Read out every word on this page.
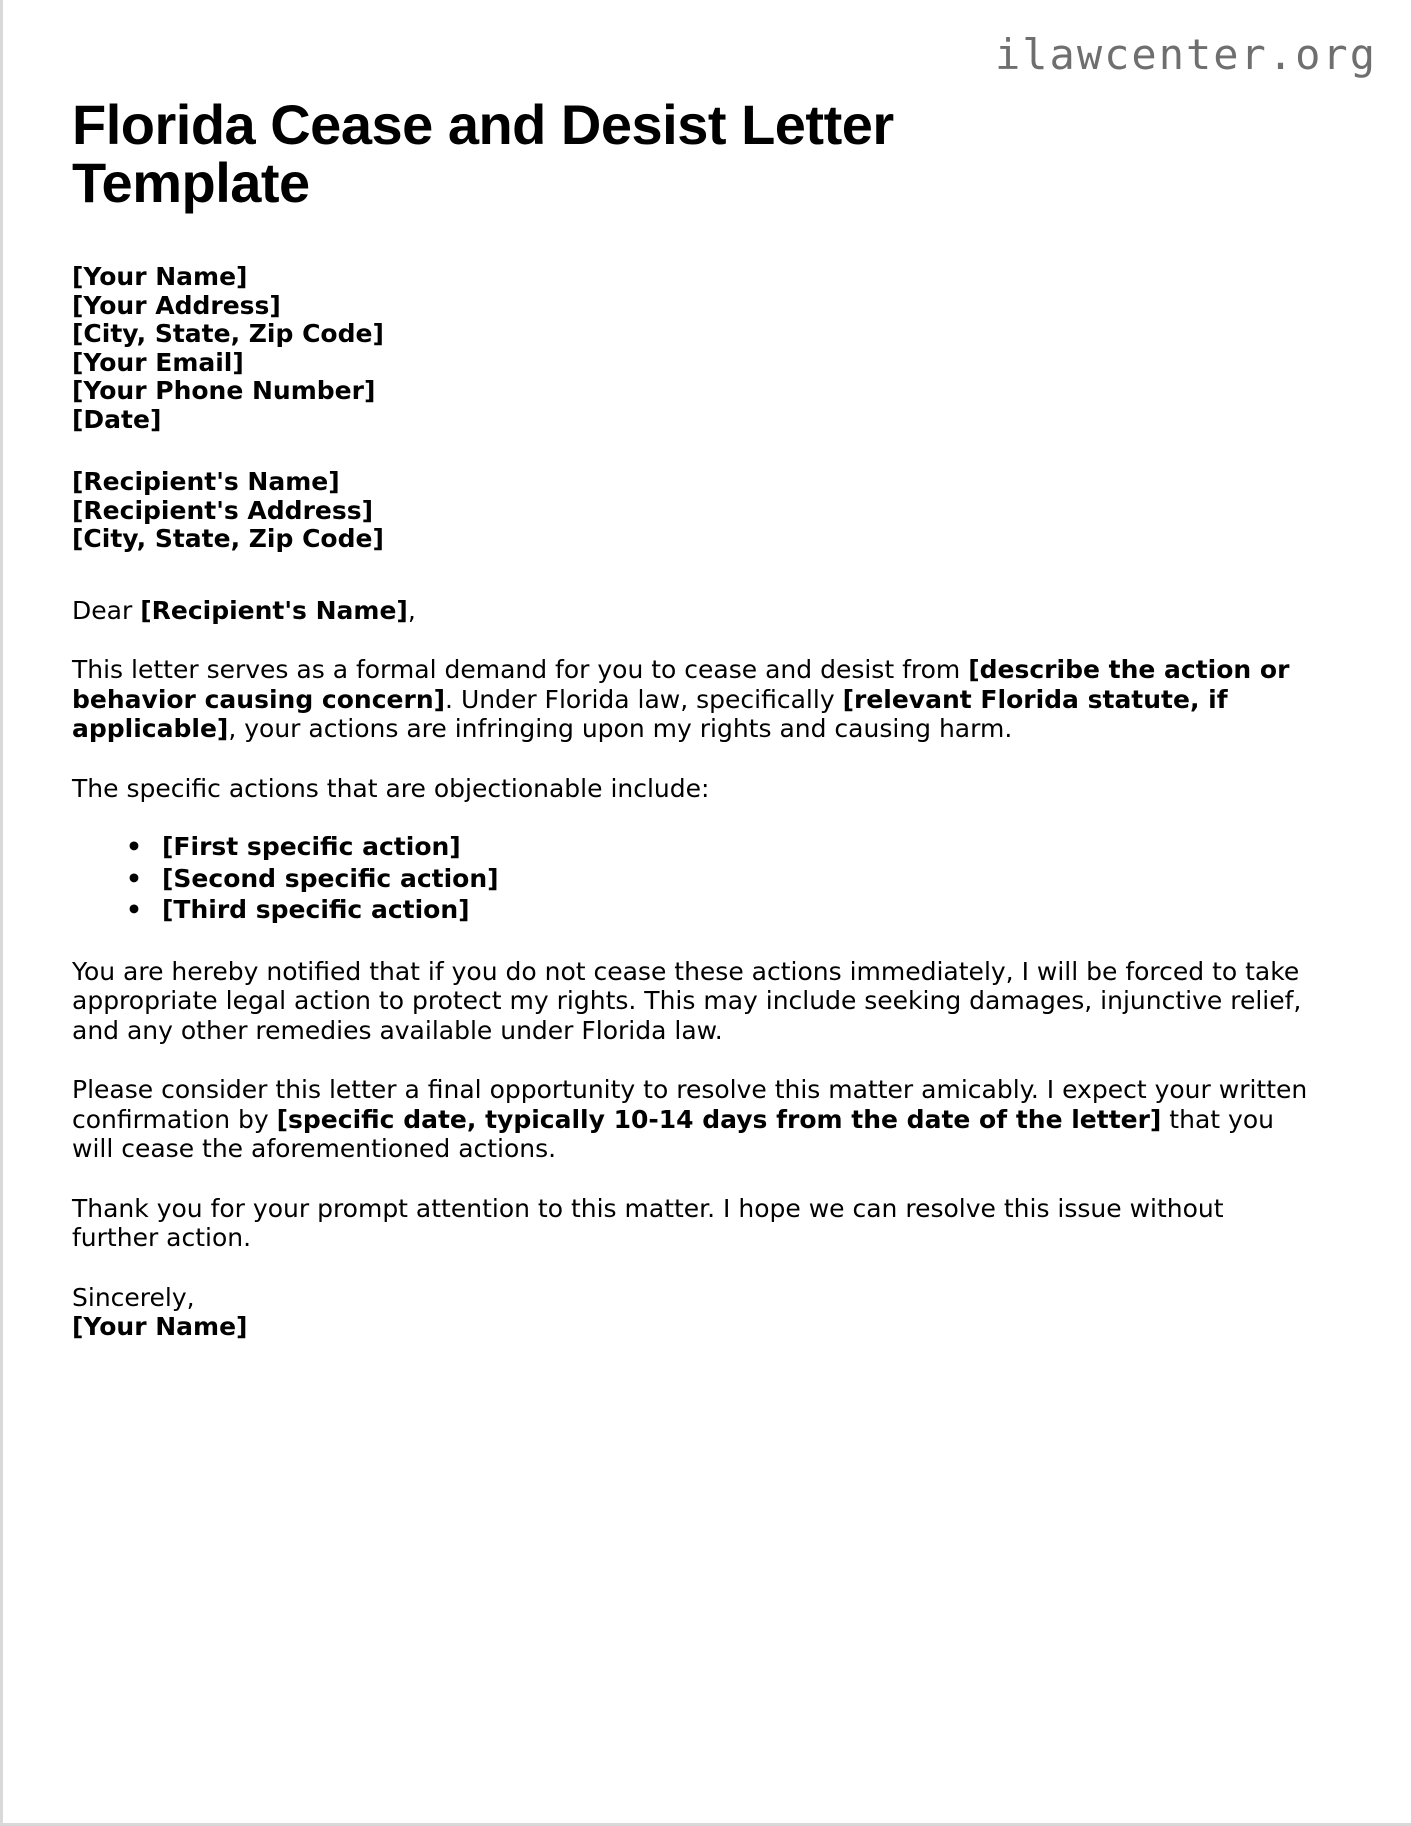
ilawcenter.org
Florida Cease and Desist Letter Template
[Your Name]
[Your Address]
[City, State, Zip Code]
[Your Email]
[Your Phone Number]
[Date]
[Recipient's Name]
[Recipient's Address]
[City, State, Zip Code]

Dear [Recipient's Name],

This letter serves as a formal demand for you to cease and desist from [describe the action or behavior causing concern]. Under Florida law, specifically [relevant Florida statute, if applicable], your actions are infringing upon my rights and causing harm.

The specific actions that are objectionable include:

• [First specific action]
• [Second specific action]
• [Third specific action]

You are hereby notified that if you do not cease these actions immediately, I will be forced to take appropriate legal action to protect my rights. This may include seeking damages, injunctive relief, and any other remedies available under Florida law.

Please consider this letter a final opportunity to resolve this matter amicably. I expect your written confirmation by [specific date, typically 10-14 days from the date of the letter] that you will cease the aforementioned actions.

Thank you for your prompt attention to this matter. I hope we can resolve this issue without further action.

Sincerely,
[Your Name]
